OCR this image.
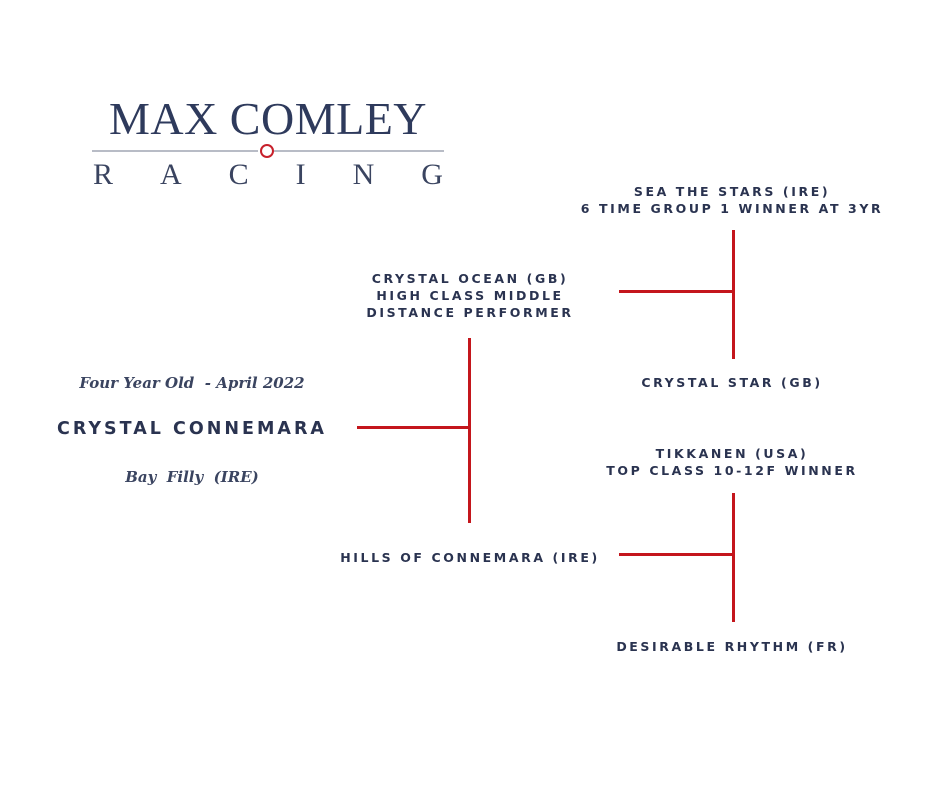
MAX COMLEY
R A C I N G
Four Year Old  - April 2022
CRYSTAL CONNEMARA
Bay  Filly  (IRE)
CRYSTAL OCEAN (GB)
HIGH CLASS MIDDLE
DISTANCE PERFORMER
HILLS OF CONNEMARA (IRE)
SEA THE STARS (IRE)
6 TIME GROUP 1 WINNER AT 3YR
CRYSTAL STAR (GB)
TIKKANEN (USA)
TOP CLASS 10-12F WINNER
DESIRABLE RHYTHM (FR)
